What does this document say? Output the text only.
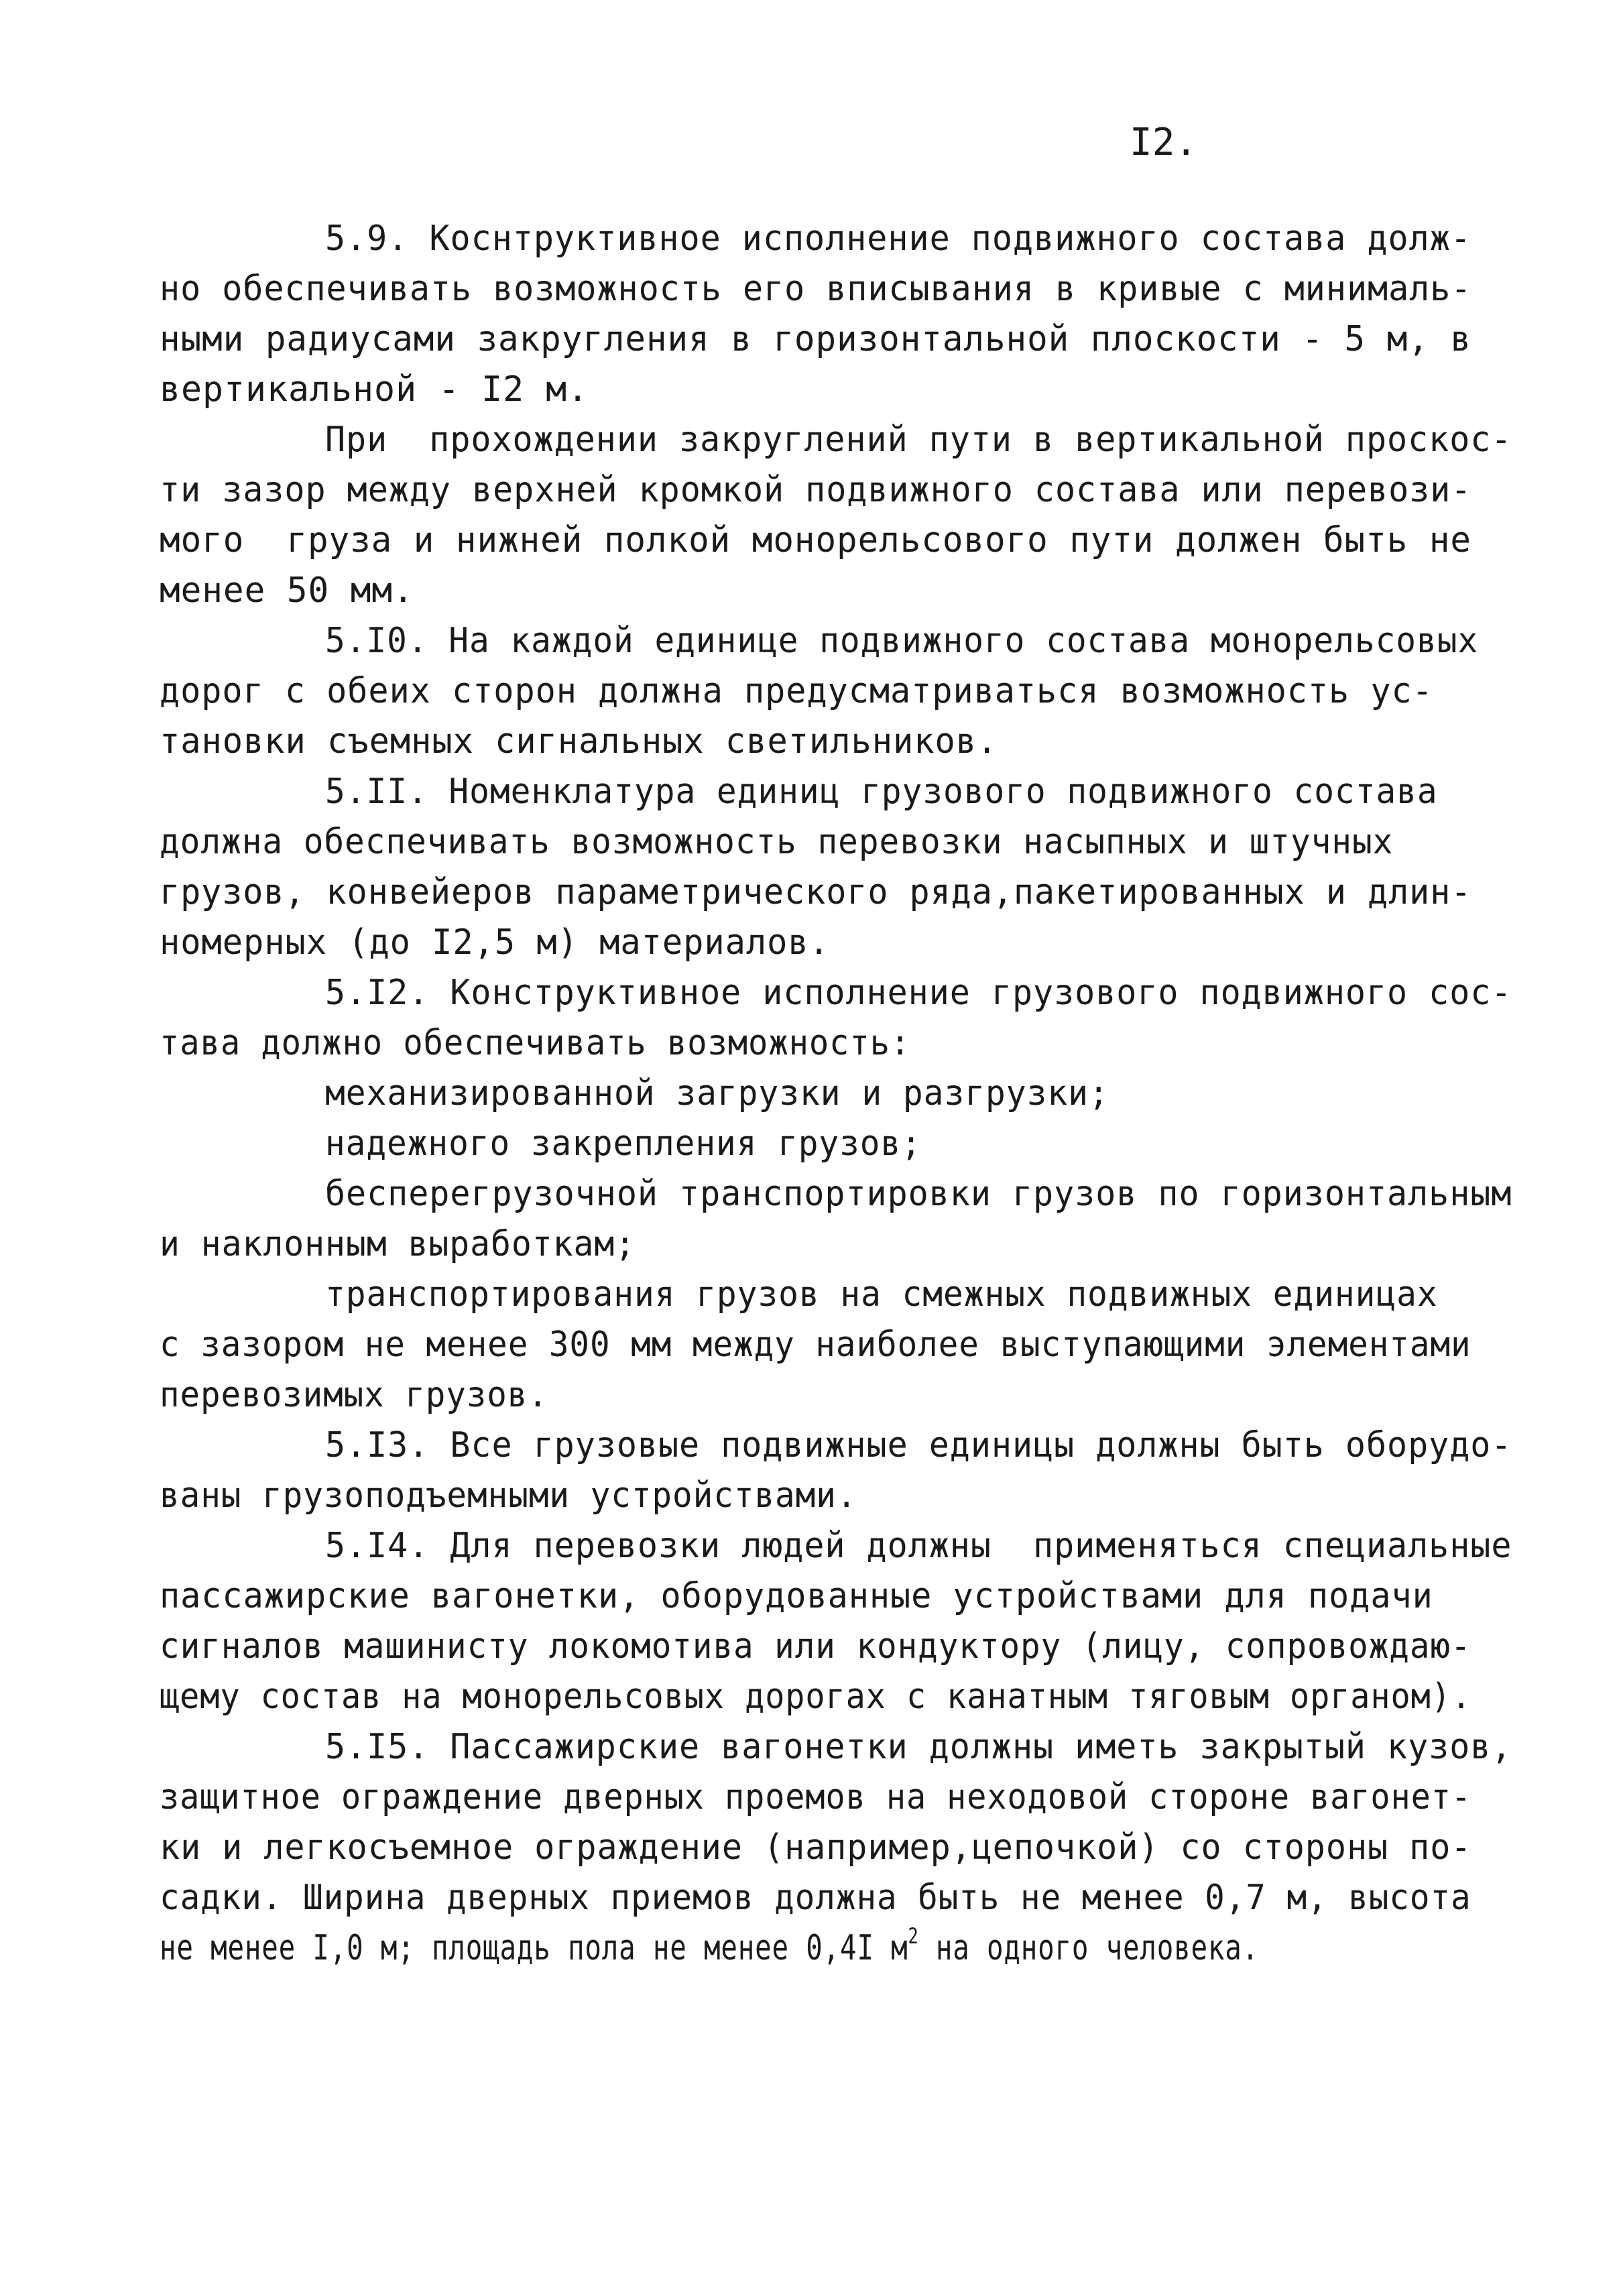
I2.
5.9. Коснтруктивное исполнение подвижного состава долж-
но обеспечивать возможность его вписывания в кривые с минималь-
ными радиусами закругления в горизонтальной плоскости - 5 м, в
вертикальной - I2 м.
При  прохождении закруглений пути в вертикальной проскос-
ти зазор между верхней кромкой подвижного состава или перевози-
мого  груза и нижней полкой монорельсового пути должен быть не
менее 50 мм.
5.I0. На каждой единице подвижного состава монорельсовых
дорог с обеих сторон должна предусматриваться возможность ус-
тановки съемных сигнальных светильников.
5.II. Номенклатура единиц грузового подвижного состава
должна обеспечивать возможность перевозки насыпных и штучных
грузов, конвейеров параметрического ряда,пакетированных и длин-
номерных (до I2,5 м) материалов.
5.I2. Конструктивное исполнение грузового подвижного сос-
тава должно обеспечивать возможность:
механизированной загрузки и разгрузки;
надежного закрепления грузов;
бесперегрузочной транспортировки грузов по горизонтальным
и наклонным выработкам;
транспортирования грузов на смежных подвижных единицах
с зазором не менее 300 мм между наиболее выступающими элементами
перевозимых грузов.
5.I3. Все грузовые подвижные единицы должны быть оборудо-
ваны грузоподъемными устройствами.
5.I4. Для перевозки людей должны  применяться специальные
пассажирские вагонетки, оборудованные устройствами для подачи
сигналов машинисту локомотива или кондуктору (лицу, сопровождаю-
щему состав на монорельсовых дорогах с канатным тяговым органом).
5.I5. Пассажирские вагонетки должны иметь закрытый кузов,
защитное ограждение дверных проемов на неходовой стороне вагонет-
ки и легкосъемное ограждение (например,цепочкой) со стороны по-
садки. Ширина дверных приемов должна быть не менее 0,7 м, высота
не менее I,0 м; площадь пола не менее 0,4I $м^2$ на одного человека.
